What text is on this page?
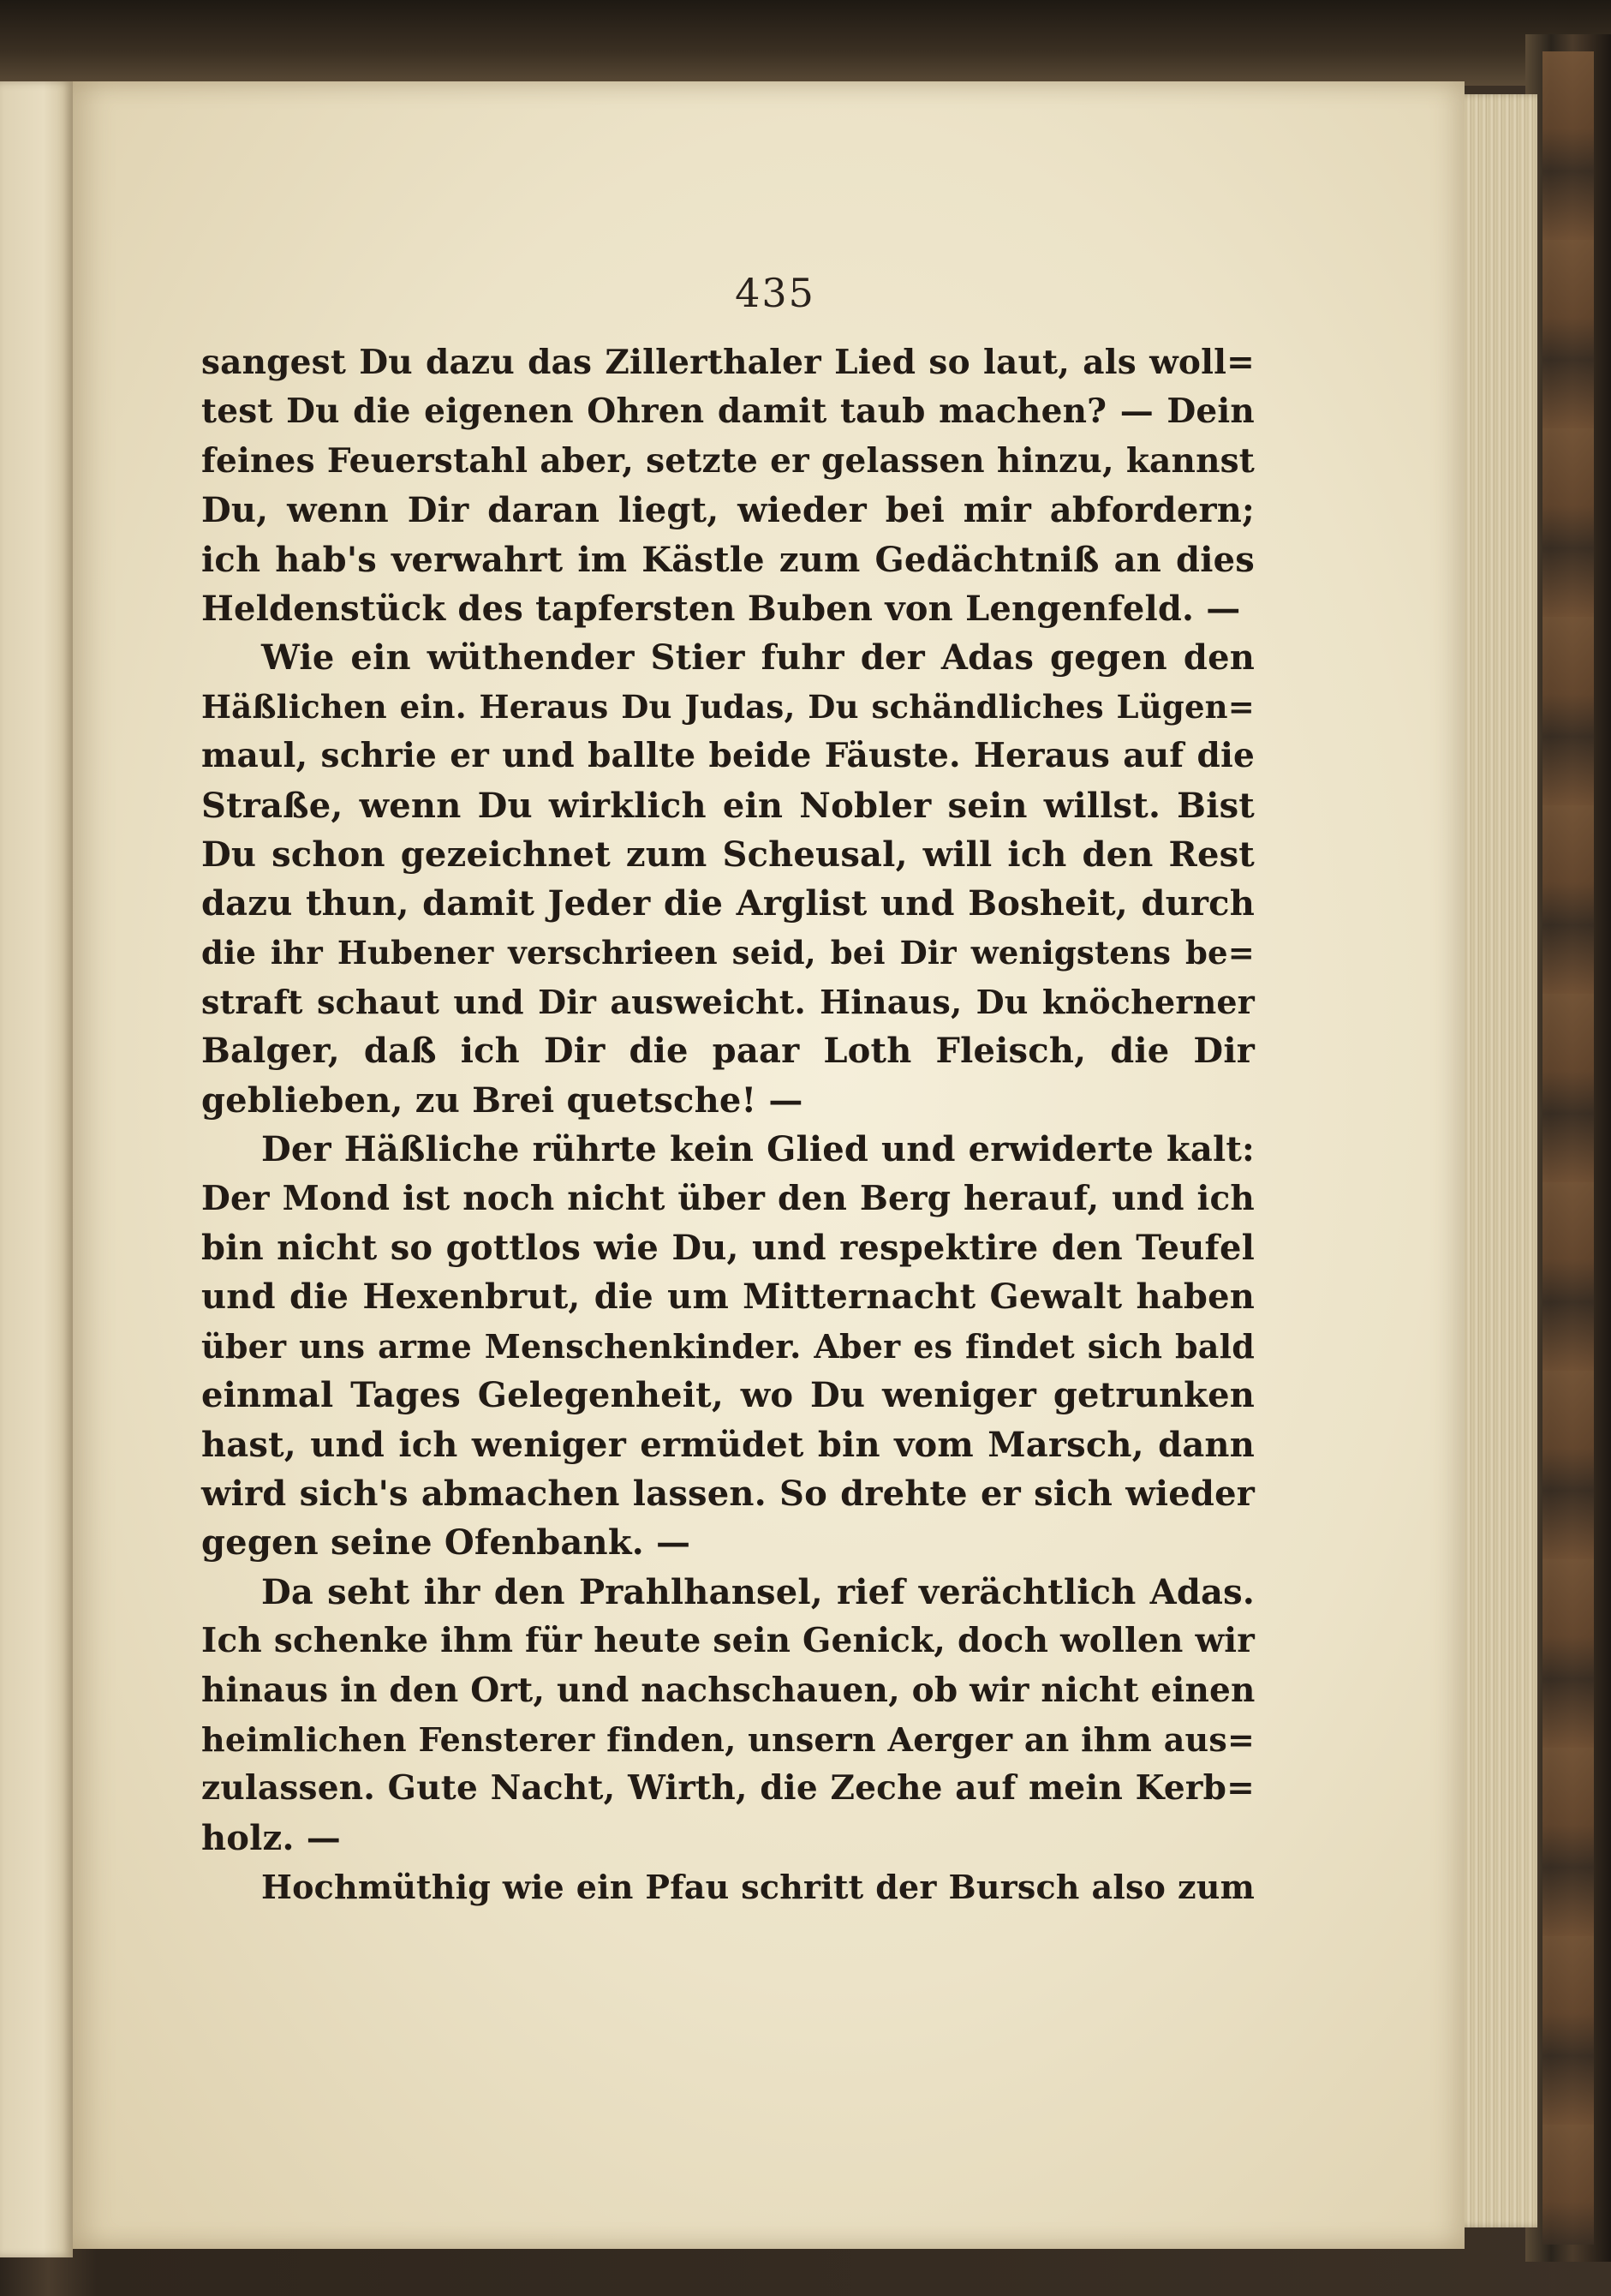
435
sangest Du dazu das Zillerthaler Lied so laut, als woll=
test Du die eigenen Ohren damit taub machen? — Dein
feines Feuerstahl aber, setzte er gelassen hinzu, kannst
Du, wenn Dir daran liegt, wieder bei mir abfordern;
ich hab's verwahrt im Kästle zum Gedächtniß an dies
Heldenstück des tapfersten Buben von Lengenfeld. —
Wie ein wüthender Stier fuhr der Adas gegen den
Häßlichen ein. Heraus Du Judas, Du schändliches Lügen=
maul, schrie er und ballte beide Fäuste. Heraus auf die
Straße, wenn Du wirklich ein Nobler sein willst. Bist
Du schon gezeichnet zum Scheusal, will ich den Rest
dazu thun, damit Jeder die Arglist und Bosheit, durch
die ihr Hubener verschrieen seid, bei Dir wenigstens be=
straft schaut und Dir ausweicht. Hinaus, Du knöcherner
Balger, daß ich Dir die paar Loth Fleisch, die Dir
geblieben, zu Brei quetsche! —
Der Häßliche rührte kein Glied und erwiderte kalt:
Der Mond ist noch nicht über den Berg herauf, und ich
bin nicht so gottlos wie Du, und respektire den Teufel
und die Hexenbrut, die um Mitternacht Gewalt haben
über uns arme Menschenkinder. Aber es findet sich bald
einmal Tages Gelegenheit, wo Du weniger getrunken
hast, und ich weniger ermüdet bin vom Marsch, dann
wird sich's abmachen lassen. So drehte er sich wieder
gegen seine Ofenbank. —
Da seht ihr den Prahlhansel, rief verächtlich Adas.
Ich schenke ihm für heute sein Genick, doch wollen wir
hinaus in den Ort, und nachschauen, ob wir nicht einen
heimlichen Fensterer finden, unsern Aerger an ihm aus=
zulassen. Gute Nacht, Wirth, die Zeche auf mein Kerb=
holz. —
Hochmüthig wie ein Pfau schritt der Bursch also zum
